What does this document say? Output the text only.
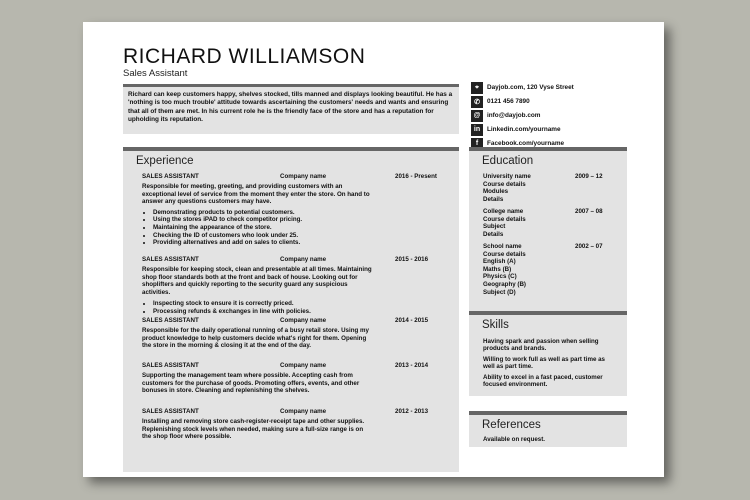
RICHARD WILLIAMSON
Sales Assistant
Richard can keep customers happy, shelves stocked, tills manned and displays looking beautiful. He has a 'nothing is too much trouble' attitude towards ascertaining the customers' needs and wants and ensuring that all of them are met. In his current role he is the friendly face of the store and has a reputation for upholding its reputation.
⌖	Dayjob.com, 120 Vyse Street
✆	0121 456 7890
@	info@dayjob.com
in	Linkedin.com/yourname
f	Facebook.com/yourname
Experience
SALES ASSISTANT	Company name	2016 - Present
Responsible for meeting, greeting, and providing customers with an exceptional level of service from the moment they enter the store. On hand to answer any questions customers may have.
• Demonstrating products to potential customers.
• Using the stores iPAD to check competitor pricing.
• Maintaining the appearance of the store.
• Checking the ID of customers who look under 25.
• Providing alternatives and add on sales to clients.
SALES ASSISTANT	Company name	2015 - 2016
Responsible for keeping stock, clean and presentable at all times. Maintaining shop floor standards both at the front and back of house. Looking out for shoplifters and quickly reporting to the security guard any suspicious activities.
• Inspecting stock to ensure it is correctly priced.
• Processing refunds & exchanges in line with policies.
SALES ASSISTANT	Company name	2014 - 2015
Responsible for the daily operational running of a busy retail store. Using my product knowledge to help customers decide what's right for them. Opening the store in the morning & closing it at the end of the day.
SALES ASSISTANT	Company name	2013 - 2014
Supporting the management team where possible. Accepting cash from customers for the purchase of goods. Promoting offers, events, and other bonuses in store. Cleaning and replenishing the shelves.
SALES ASSISTANT	Company name	2012 - 2013
Installing and removing store cash-register-receipt tape and other supplies. Replenishing stock levels when needed, making sure a full-size range is on the shop floor where possible.
Education
University name	2009 – 12
Course details
Modules
Details
College name	2007 – 08
Course details
Subject
Details
School name	2002 – 07
Course details
English (A)
Maths (B)
Physics (C)
Geography (B)
Subject (D)
Skills
Having spark and passion when selling products and brands.
Willing to work full as well as part time as well as part time.
Ability to excel in a fast paced, customer focused environment.
References
Available on request.
